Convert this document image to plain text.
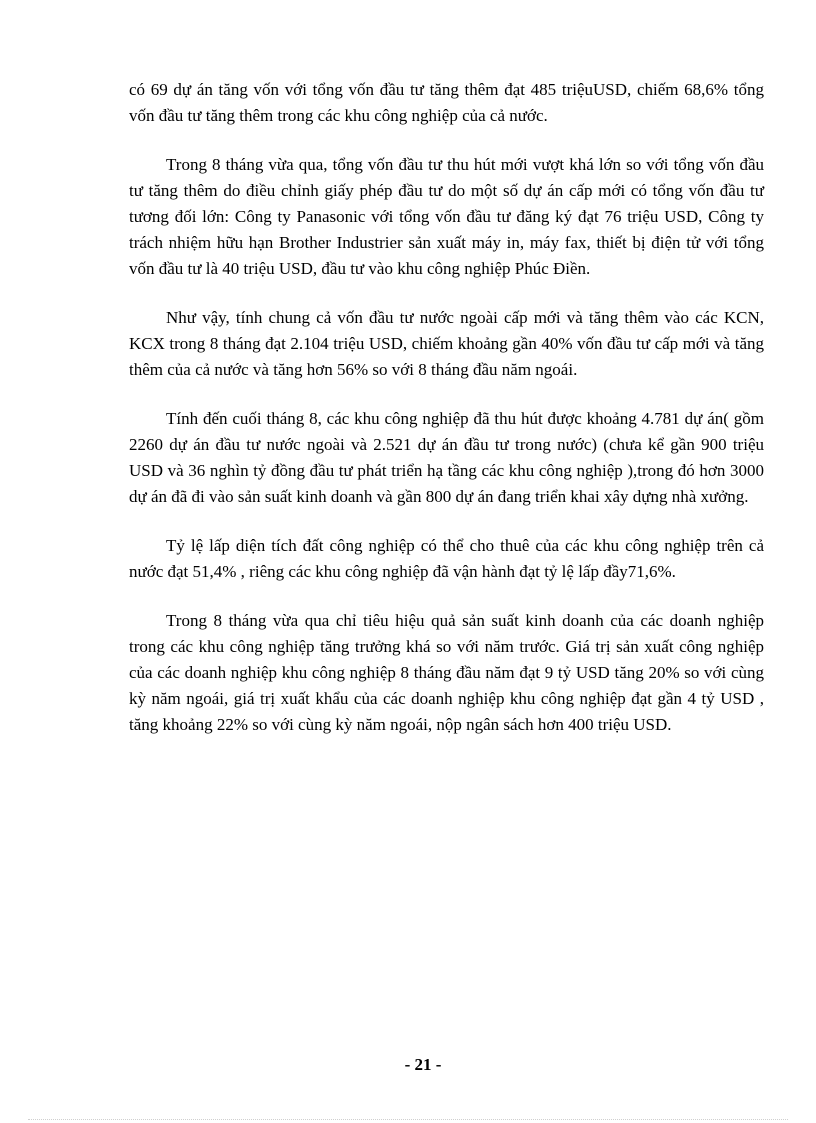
có 69 dự án tăng vốn với tổng vốn đầu tư tăng thêm đạt 485 triệuUSD, chiếm 68,6% tổng vốn đầu tư tăng thêm trong các khu công nghiệp của cả nước.

Trong 8 tháng vừa qua, tổng vốn đầu tư thu hút mới vượt khá lớn so với tổng vốn đầu tư tăng thêm do điều chỉnh giấy phép đầu tư do một số dự án cấp mới có tổng vốn đầu tư tương đối lớn: Công ty Panasonic với tổng vốn đầu tư đăng ký đạt 76 triệu USD, Công ty trách nhiệm hữu hạn Brother Industrier sản xuất máy in, máy fax, thiết bị điện tử với tổng vốn đầu tư là 40 triệu USD, đầu tư vào khu công nghiệp Phúc Điền.

Như vậy, tính chung cả vốn đầu tư nước ngoài cấp mới và tăng thêm vào các KCN, KCX trong 8 tháng đạt 2.104 triệu USD, chiếm khoảng gần 40% vốn đầu tư cấp mới và tăng thêm của cả nước và tăng hơn 56% so với 8 tháng đầu năm ngoái.

Tính đến cuối tháng 8, các khu công nghiệp đã thu hút được khoảng 4.781 dự án( gồm 2260 dự án đầu tư nước ngoài và 2.521 dự án đầu tư trong nước) (chưa kể gần 900 triệu USD và 36 nghìn tỷ đồng đầu tư phát triển hạ tầng các khu công nghiệp ),trong đó hơn 3000 dự án đã đi vào sản suất kinh doanh và gần 800 dự án đang triển khai xây dựng nhà xưởng.

Tỷ lệ lấp diện tích đất công nghiệp có thể cho thuê của các khu công nghiệp trên cả nước đạt 51,4% , riêng các khu công nghiệp đã vận hành đạt tỷ lệ lấp đầy71,6%.

Trong 8 tháng vừa qua chỉ tiêu hiệu quả sản suất kinh doanh của các doanh nghiệp trong các khu công nghiệp tăng trưởng khá so với năm trước. Giá trị sản xuất công nghiệp của các doanh nghiệp khu công nghiệp 8 tháng đầu năm đạt 9 tỷ USD tăng 20% so với cùng kỳ năm ngoái, giá trị xuất khẩu của các doanh nghiệp khu công nghiệp đạt gần 4 tỷ USD , tăng khoảng 22% so với cùng kỳ năm ngoái, nộp ngân sách hơn 400 triệu USD.

- 21 -
